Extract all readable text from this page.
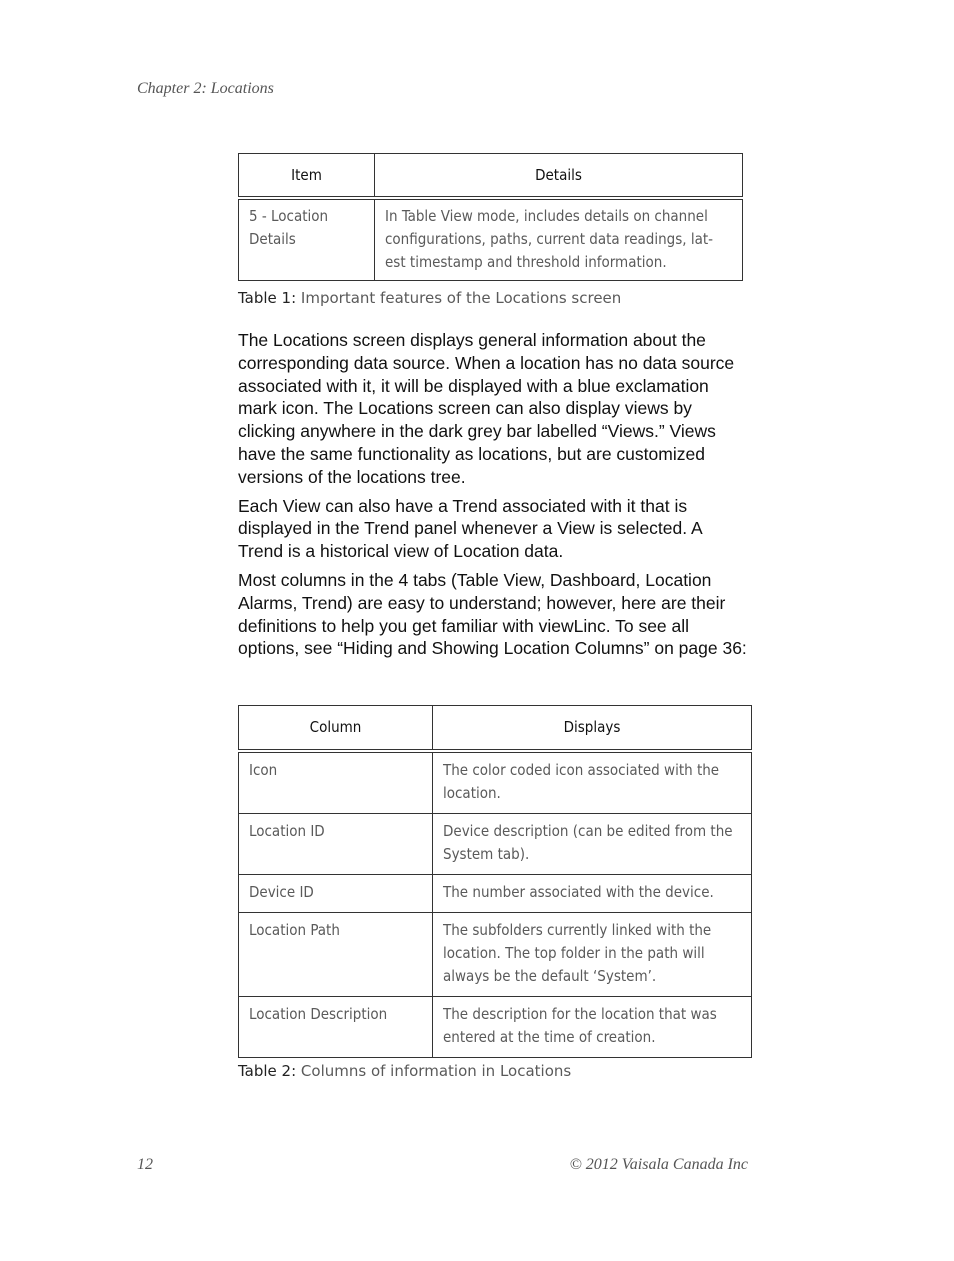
Chapter 2: Locations
Item	Details
5 - Location Details	In Table View mode, includes details on channel configurations, paths, current data readings, lat-est timestamp and threshold information.
Table 1: Important features of the Locations screen

The Locations screen displays general information about the corresponding data source. When a location has no data source associated with it, it will be displayed with a blue exclamation mark icon. The Locations screen can also display views by clicking anywhere in the dark grey bar labelled “Views.” Views have the same functionality as locations, but are customized versions of the locations tree.

Each View can also have a Trend associated with it that is displayed in the Trend panel whenever a View is selected. A Trend is a historical view of Location data.

Most columns in the 4 tabs (Table View, Dashboard, Location Alarms, Trend) are easy to understand; however, here are their definitions to help you get familiar with viewLinc. To see all options, see “Hiding and Showing Location Columns” on page 36:

Column	Displays
Icon	The color coded icon associated with the location.
Location ID	Device description (can be edited from the System tab).
Device ID	The number associated with the device.
Location Path	The subfolders currently linked with the location. The top folder in the path will always be the default ‘System’.
Location Description	The description for the location that was entered at the time of creation.
Table 2: Columns of information in Locations
12	© 2012 Vaisala Canada Inc
